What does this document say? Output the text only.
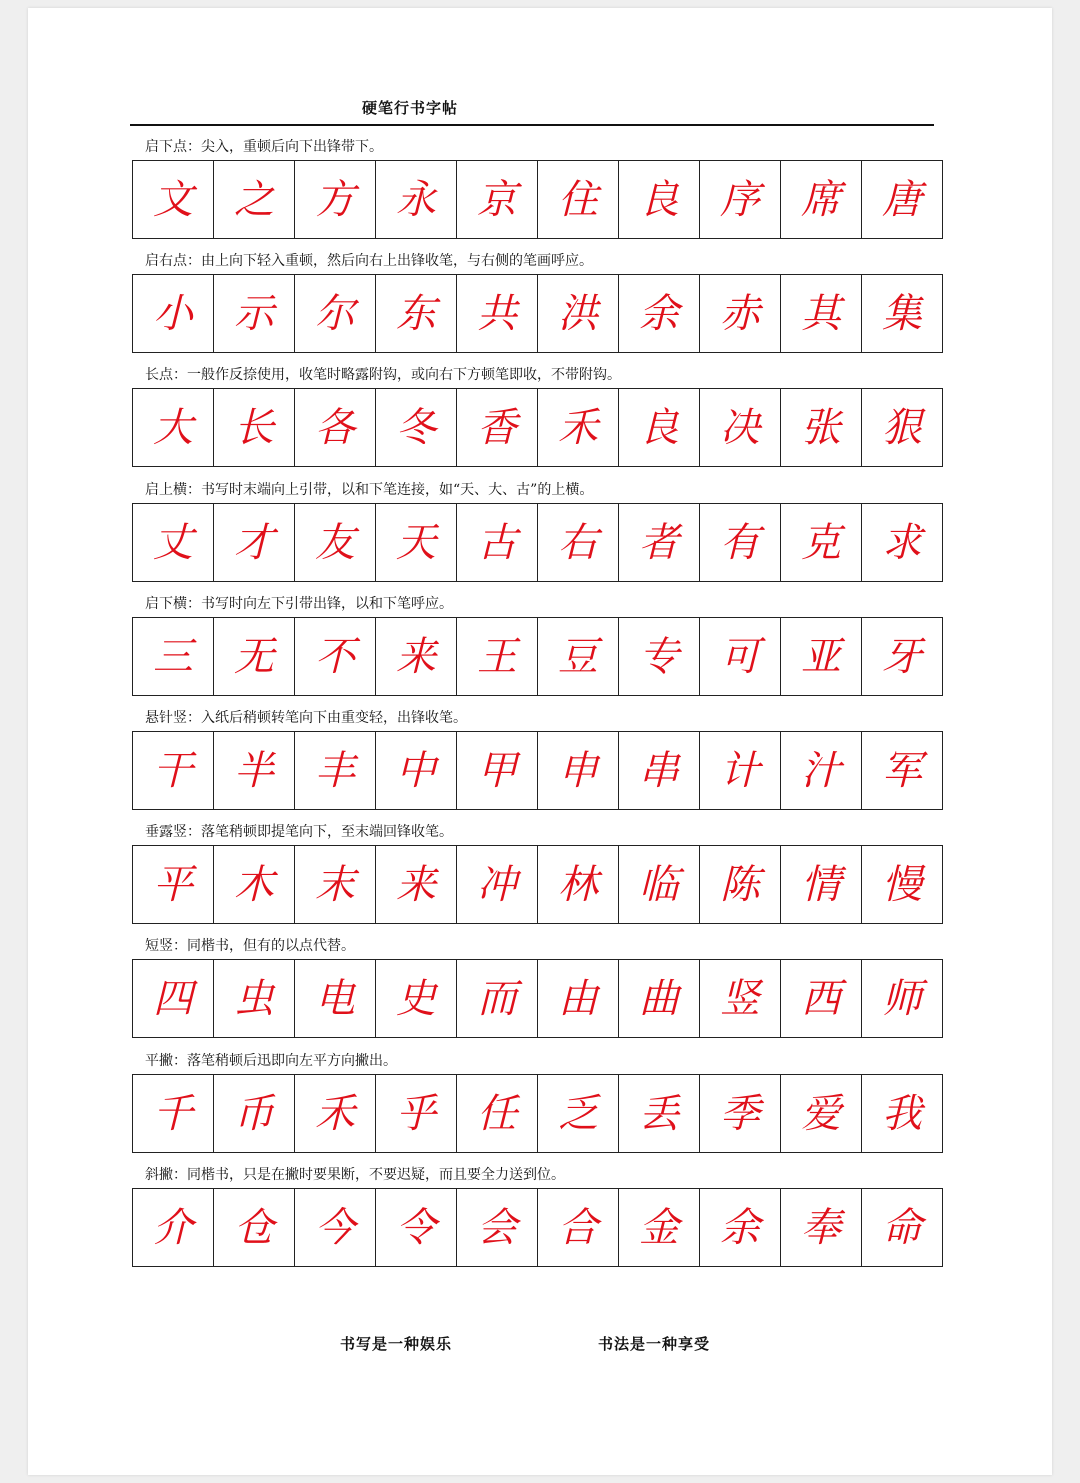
硬笔行书字帖
启下点：尖入，重顿后向下出锋带下。
文	之	方	永	京	住	良	序	席	唐
启右点：由上向下轻入重顿，然后向右上出锋收笔，与右侧的笔画呼应。
小	示	尔	东	共	洪	余	赤	其	集
长点：一般作反捺使用，收笔时略露附钩，或向右下方顿笔即收，不带附钩。
大	长	各	冬	香	禾	良	决	张	狠
启上横：书写时末端向上引带，以和下笔连接，如“天、大、古”的上横。
丈	才	友	天	古	右	者	有	克	求
启下横：书写时向左下引带出锋，以和下笔呼应。
三	无	不	来	王	豆	专	可	亚	牙
悬针竖：入纸后稍顿转笔向下由重变轻，出锋收笔。
干	半	丰	中	甲	申	串	计	汁	军
垂露竖：落笔稍顿即提笔向下，至末端回锋收笔。
平	木	末	来	冲	林	临	陈	情	慢
短竖：同楷书，但有的以点代替。
四	虫	电	史	而	由	曲	竖	西	师
平撇：落笔稍顿后迅即向左平方向撇出。
千	币	禾	乎	任	乏	丢	季	爱	我
斜撇：同楷书，只是在撇时要果断，不要迟疑，而且要全力送到位。
介	仓	今	令	会	合	金	余	奉	命
书写是一种娱乐	书法是一种享受
